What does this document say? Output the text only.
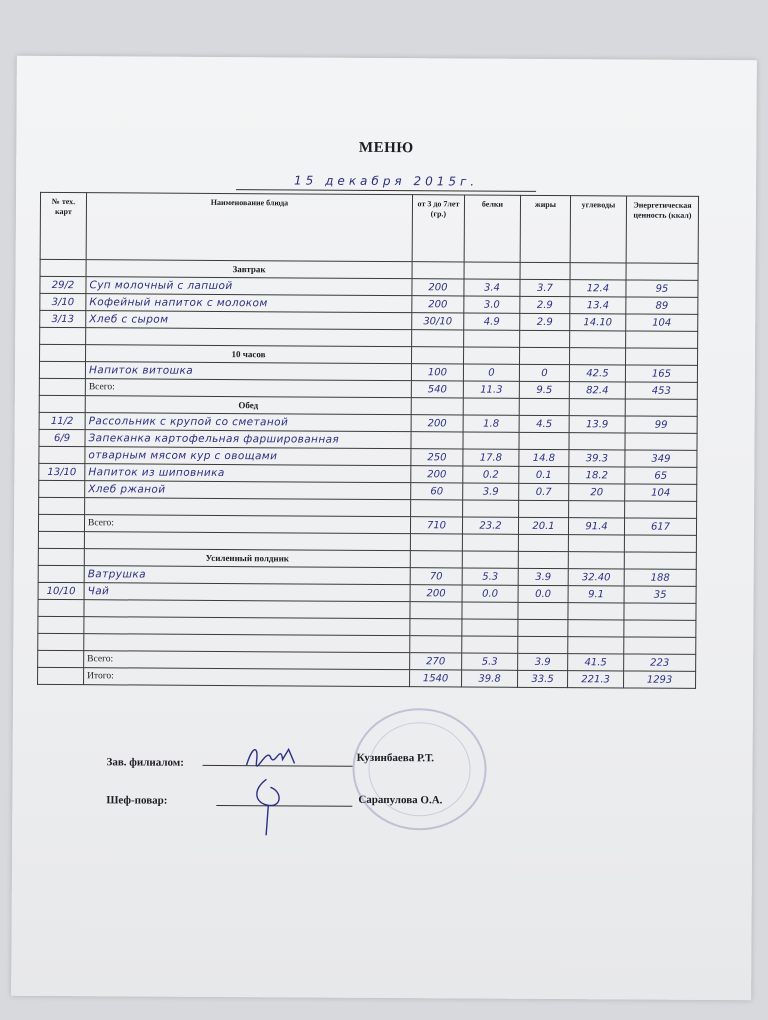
МЕНЮ
15 декабря 2015г.
№ тех. карт	Наименование блюда	от 3 до 7лет (гр.)	белки	жиры	углеводы	Энергетическая ценность (ккал)
	Завтрак					
29/2	Суп молочный с лапшой	200	3.4	3.7	12.4	95
3/10	Кофейный напиток с молоком	200	3.0	2.9	13.4	89
3/13	Хлеб с сыром	30/10	4.9	2.9	14.10	104

	10 часов					
	Напиток витошка	100	0	0	42.5	165
	Всего:	540	11.3	9.5	82.4	453
	Обед					
11/2	Рассольник с крупой со сметаной	200	1.8	4.5	13.9	99
6/9	Запеканка картофельная фаршированная					
	отварным мясом кур с овощами	250	17.8	14.8	39.3	349
13/10	Напиток из шиповника	200	0.2	0.1	18.2	65
	Хлеб ржаной	60	3.9	0.7	20	104

	Всего:	710	23.2	20.1	91.4	617

	Усиленный полдник					
	Ватрушка	70	5.3	3.9	32.40	188
10/10	Чай	200	0.0	0.0	9.1	35

	Всего:	270	5.3	3.9	41.5	223
	Итого:	1540	39.8	33.5	221.3	1293
Зав. филиалом:	Кузинбаева Р.Т.
Шеф-повар:	Сарапулова О.А.
